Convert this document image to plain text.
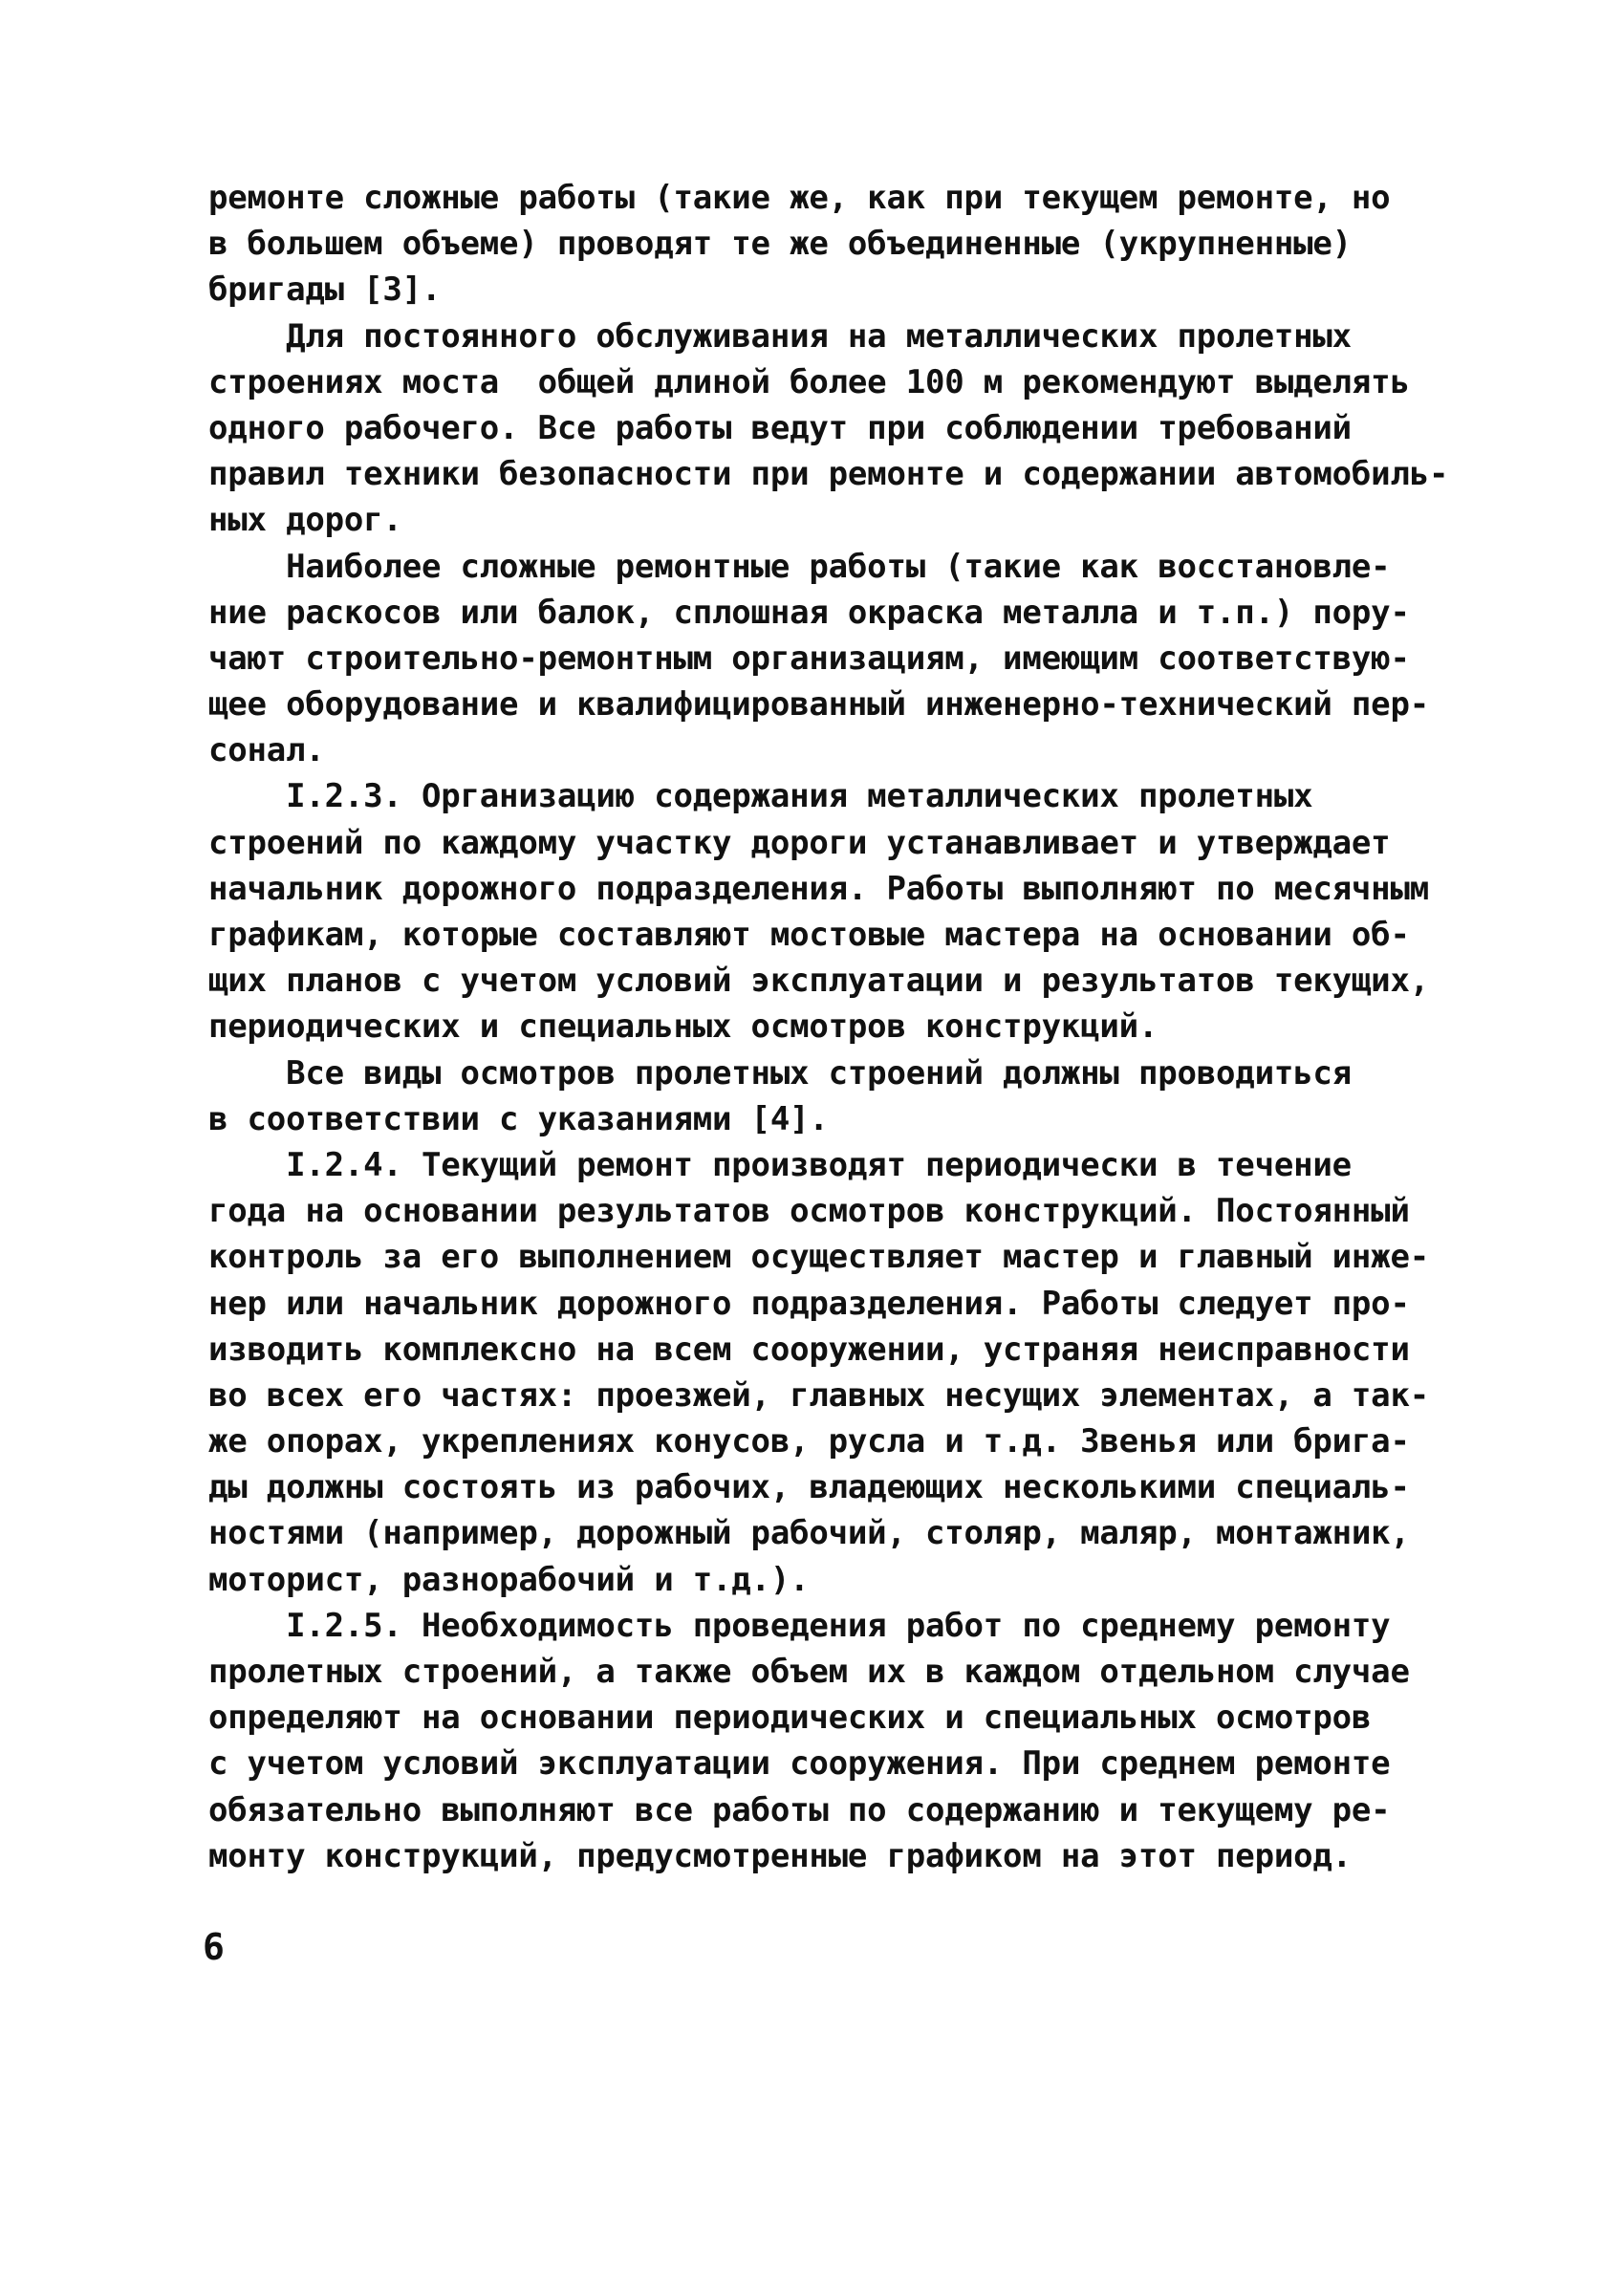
ремонте сложные работы (такие же, как при текущем ремонте, но
в большем объеме) проводят те же объединенные (укрупненные)
бригады [3].
Для постоянного обслуживания на металлических пролетных
строениях моста  общей длиной более 100 м рекомендуют выделять
одного рабочего. Все работы ведут при соблюдении требований
правил техники безопасности при ремонте и содержании автомобиль-
ных дорог.
Наиболее сложные ремонтные работы (такие как восстановле-
ние раскосов или балок, сплошная окраска металла и т.п.) пору-
чают строительно-ремонтным организациям, имеющим соответствую-
щее оборудование и квалифицированный инженерно-технический пер-
сонал.
I.2.3. Организацию содержания металлических пролетных
строений по каждому участку дороги устанавливает и утверждает
начальник дорожного подразделения. Работы выполняют по месячным
графикам, которые составляют мостовые мастера на основании об-
щих планов с учетом условий эксплуатации и результатов текущих,
периодических и специальных осмотров конструкций.
Все виды осмотров пролетных строений должны проводиться
в соответствии с указаниями [4].
I.2.4. Текущий ремонт производят периодически в течение
года на основании результатов осмотров конструкций. Постоянный
контроль за его выполнением осуществляет мастер и главный инже-
нер или начальник дорожного подразделения. Работы следует про-
изводить комплексно на всем сооружении, устраняя неисправности
во всех его частях: проезжей, главных несущих элементах, а так-
же опорах, укреплениях конусов, русла и т.д. Звенья или брига-
ды должны состоять из рабочих, владеющих несколькими специаль-
ностями (например, дорожный рабочий, столяр, маляр, монтажник,
моторист, разнорабочий и т.д.).
I.2.5. Необходимость проведения работ по среднему ремонту
пролетных строений, а также объем их в каждом отдельном случае
определяют на основании периодических и специальных осмотров
с учетом условий эксплуатации сооружения. При среднем ремонте
обязательно выполняют все работы по содержанию и текущему ре-
монту конструкций, предусмотренные графиком на этот период.
6
